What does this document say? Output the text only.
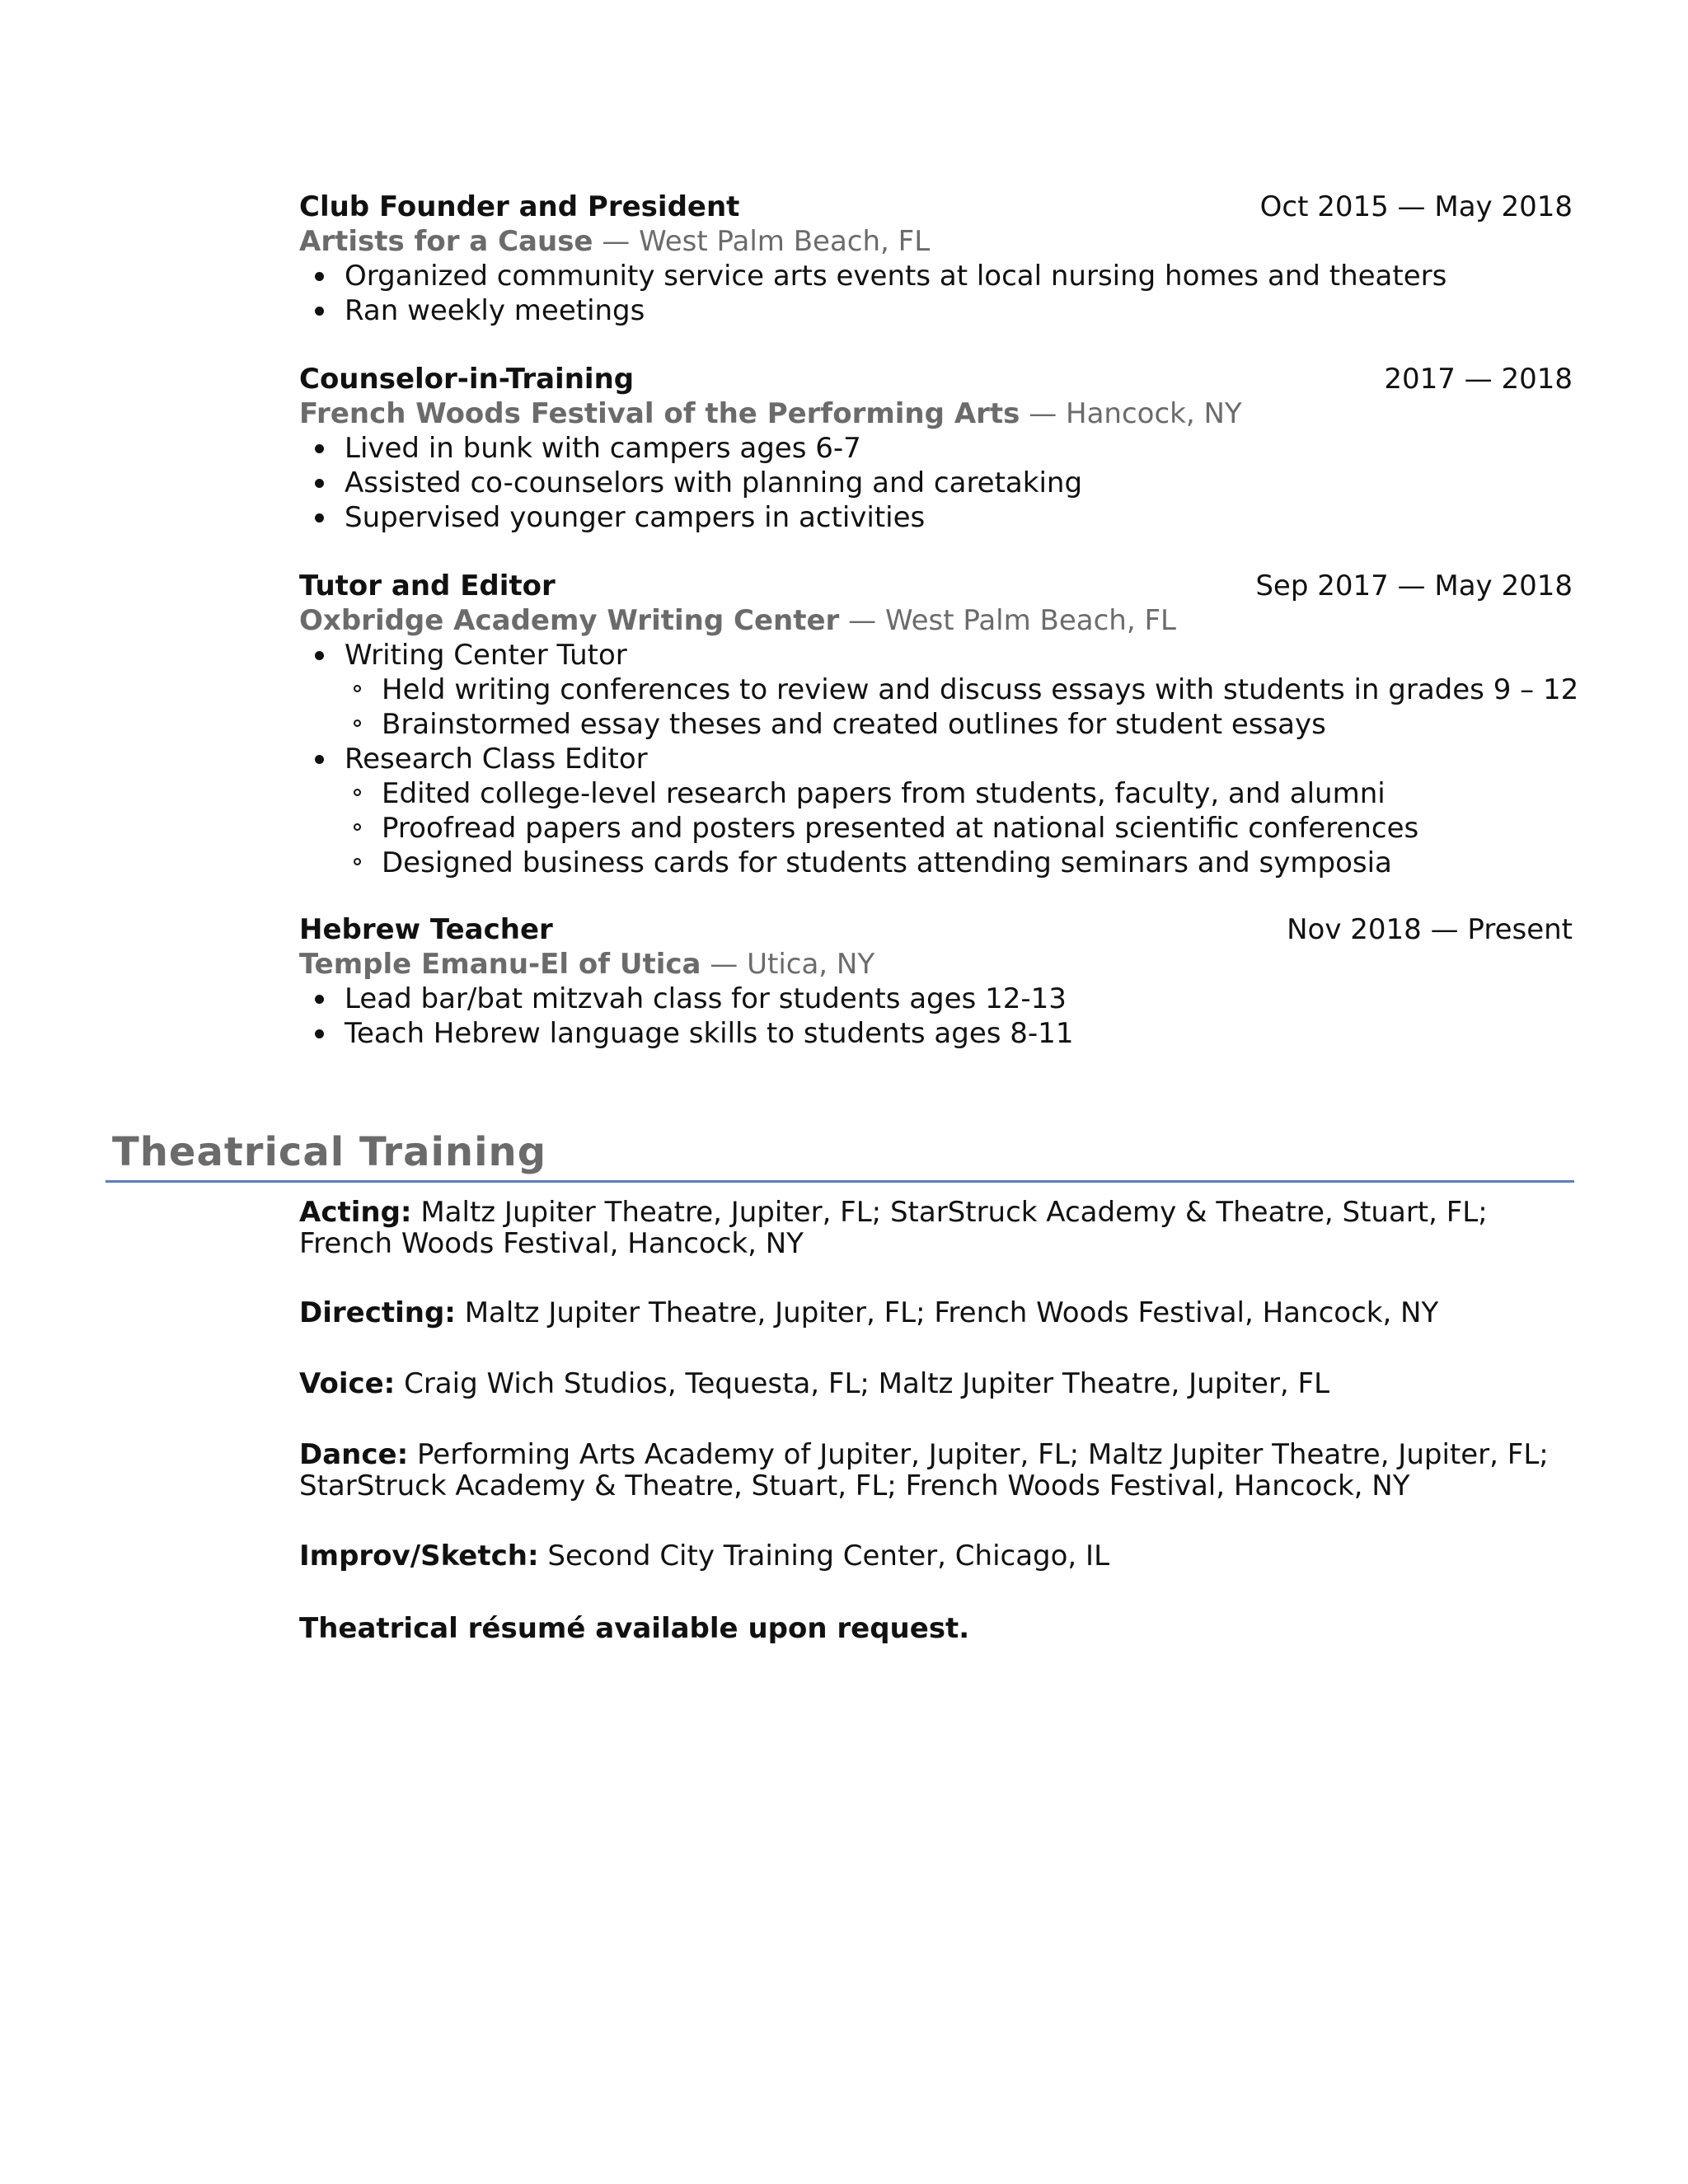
Club Founder and President	Oct 2015 — May 2018
Artists for a Cause — West Palm Beach, FL
Organized community service arts events at local nursing homes and theaters
Ran weekly meetings
Counselor-in-Training	2017 — 2018
French Woods Festival of the Performing Arts — Hancock, NY
Lived in bunk with campers ages 6-7
Assisted co-counselors with planning and caretaking
Supervised younger campers in activities
Tutor and Editor	Sep 2017 — May 2018
Oxbridge Academy Writing Center — West Palm Beach, FL
Writing Center Tutor
Held writing conferences to review and discuss essays with students in grades 9 – 12
Brainstormed essay theses and created outlines for student essays
Research Class Editor
Edited college-level research papers from students, faculty, and alumni
Proofread papers and posters presented at national scientific conferences
Designed business cards for students attending seminars and symposia
Hebrew Teacher	Nov 2018 — Present
Temple Emanu-El of Utica — Utica, NY
Lead bar/bat mitzvah class for students ages 12-13
Teach Hebrew language skills to students ages 8-11
Theatrical Training
Acting: Maltz Jupiter Theatre, Jupiter, FL; StarStruck Academy & Theatre, Stuart, FL; French Woods Festival, Hancock, NY
Directing: Maltz Jupiter Theatre, Jupiter, FL; French Woods Festival, Hancock, NY
Voice: Craig Wich Studios, Tequesta, FL; Maltz Jupiter Theatre, Jupiter, FL
Dance: Performing Arts Academy of Jupiter, Jupiter, FL; Maltz Jupiter Theatre, Jupiter, FL; StarStruck Academy & Theatre, Stuart, FL; French Woods Festival, Hancock, NY
Improv/Sketch: Second City Training Center, Chicago, IL
Theatrical résumé available upon request.
